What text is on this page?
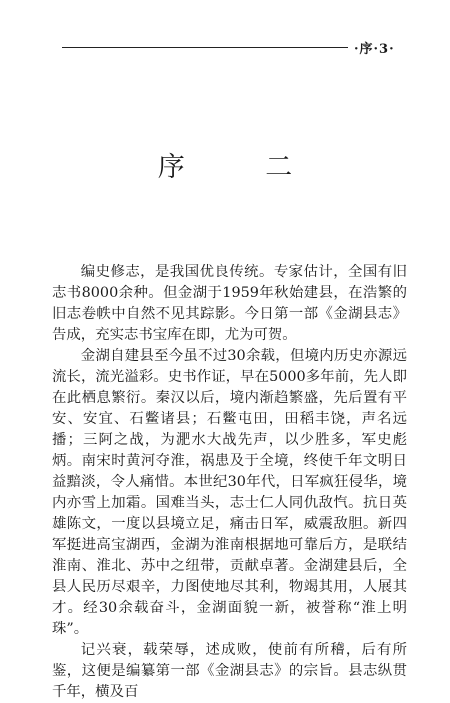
·序·3·
序 二

编史修志，是我国优良传统。专家估计，全国有旧志书8000余种。但金湖于1959年秋始建县，在浩繁的旧志卷帙中自然不见其踪影。今日第一部《金湖县志》告成，充实志书宝库在即，尤为可贺。

金湖自建县至今虽不过30余载，但境内历史亦源远流长，流光溢彩。史书作证，早在5000多年前，先人即在此栖息繁衍。秦汉以后，境内渐趋繁盛，先后置有平安、安宜、石鳖诸县；石鳖屯田，田稻丰饶，声名远播；三阿之战，为淝水大战先声，以少胜多，军史彪炳。南宋时黄河夺淮，祸患及于全境，终使千年文明日益黯淡，令人痛惜。本世纪30年代，日军疯狂侵华，境内亦雪上加霜。国难当头，志士仁人同仇敌忾。抗日英雄陈文，一度以县境立足，痛击日军，威震敌胆。新四军挺进高宝湖西，金湖为淮南根据地可靠后方，是联结淮南、淮北、苏中之纽带，贡献卓著。金湖建县后，全县人民历尽艰辛，力图使地尽其利，物竭其用，人展其才。经30余载奋斗，金湖面貌一新，被誉称“淮上明珠”。

记兴衰，载荣辱，述成败，使前有所稽，后有所鉴，这便是编纂第一部《金湖县志》的宗旨。县志纵贯千年，横及百
